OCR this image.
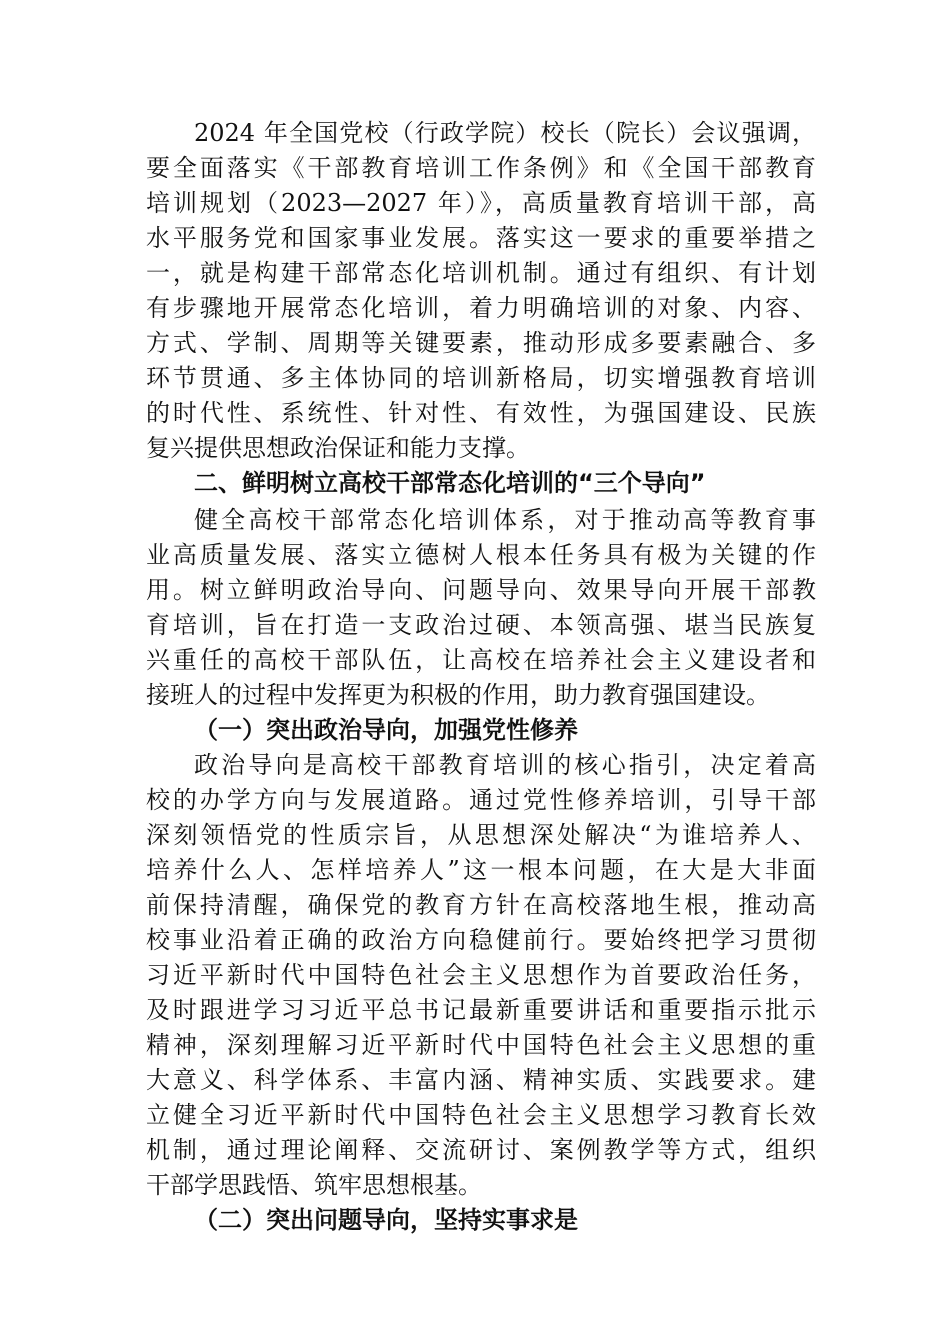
2024 年全国党校（行政学院）校长（院长）会议强调，
要全面落实《干部教育培训工作条例》和《全国干部教育
培训规划（2023—2027 年）》，高质量教育培训干部，高
水平服务党和国家事业发展。落实这一要求的重要举措之
一，就是构建干部常态化培训机制。通过有组织、有计划
有步骤地开展常态化培训，着力明确培训的对象、内容、
方式、学制、周期等关键要素，推动形成多要素融合、多
环节贯通、多主体协同的培训新格局，切实增强教育培训
的时代性、系统性、针对性、有效性，为强国建设、民族
复兴提供思想政治保证和能力支撑。
二、鲜明树立高校干部常态化培训的“三个导向”
健全高校干部常态化培训体系，对于推动高等教育事
业高质量发展、落实立德树人根本任务具有极为关键的作
用。树立鲜明政治导向、问题导向、效果导向开展干部教
育培训，旨在打造一支政治过硬、本领高强、堪当民族复
兴重任的高校干部队伍，让高校在培养社会主义建设者和
接班人的过程中发挥更为积极的作用，助力教育强国建设。
（一）突出政治导向，加强党性修养
政治导向是高校干部教育培训的核心指引，决定着高
校的办学方向与发展道路。通过党性修养培训，引导干部
深刻领悟党的性质宗旨，从思想深处解决“为谁培养人、
培养什么人、怎样培养人”这一根本问题，在大是大非面
前保持清醒，确保党的教育方针在高校落地生根，推动高
校事业沿着正确的政治方向稳健前行。要始终把学习贯彻
习近平新时代中国特色社会主义思想作为首要政治任务，
及时跟进学习习近平总书记最新重要讲话和重要指示批示
精神，深刻理解习近平新时代中国特色社会主义思想的重
大意义、科学体系、丰富内涵、精神实质、实践要求。建
立健全习近平新时代中国特色社会主义思想学习教育长效
机制，通过理论阐释、交流研讨、案例教学等方式，组织
干部学思践悟、筑牢思想根基。
（二）突出问题导向，坚持实事求是
